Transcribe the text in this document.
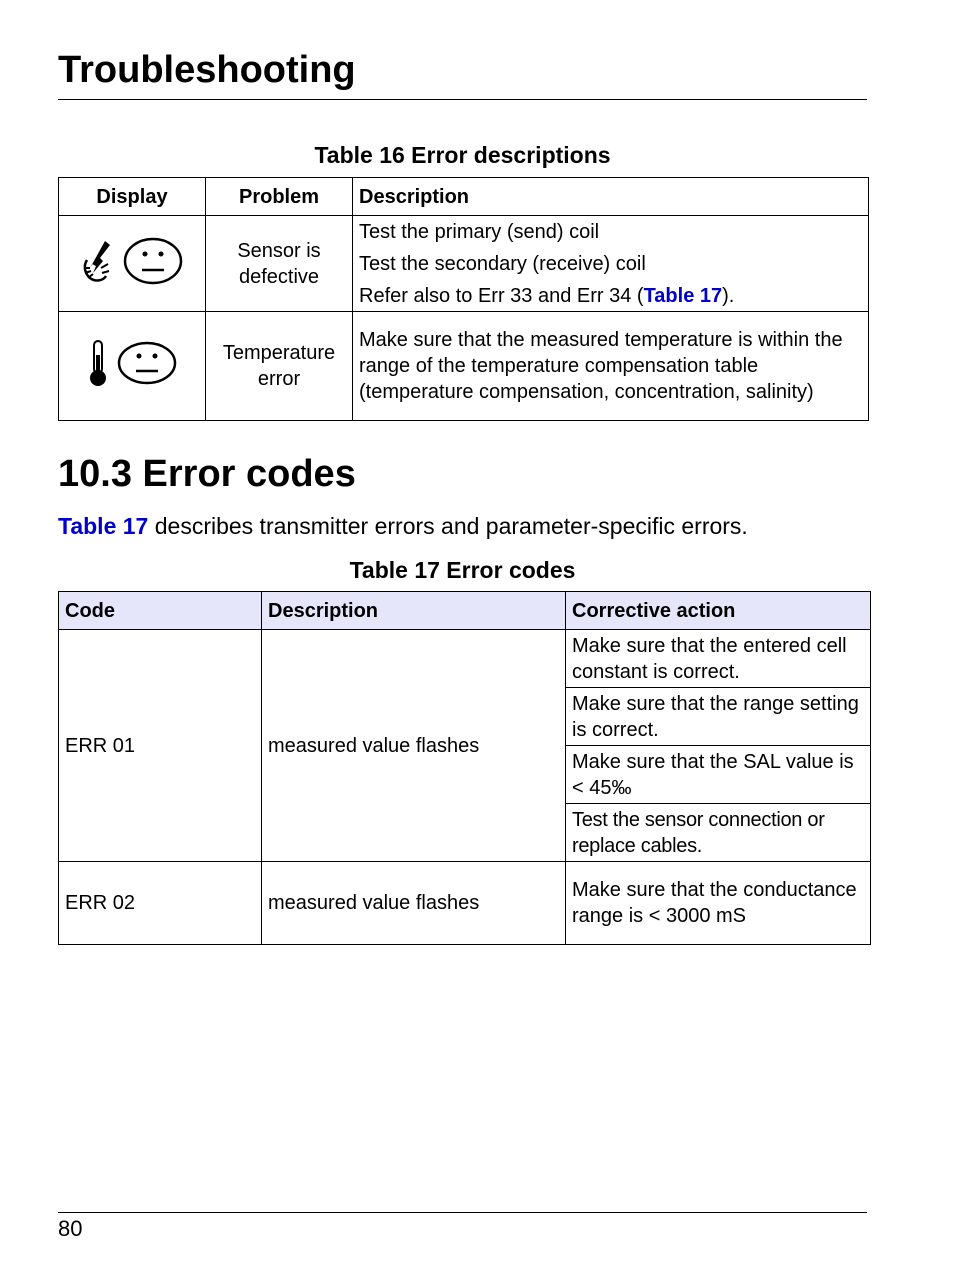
Troubleshooting
Table 16 Error descriptions
Display	Problem	Description

	Sensor is defective	Test the primary (send) coil
Test the secondary (receive) coil
Refer also to Err 33 and Err 34 (Table 17).

	Temperature error	Make sure that the measured temperature is within the range of the temperature compensation table (temperature compensation, concentration, salinity)
10.3 Error codes
Table 17 describes transmitter errors and parameter-specific errors.
Table 17 Error codes
Code	Description	Corrective action
ERR 01	measured value flashes	Make sure that the entered cell constant is correct.
		Make sure that the range setting is correct.
		Make sure that the SAL value is < 45‰
		Test the sensor connection or replace cables.
ERR 02	measured value flashes	Make sure that the conductance range is < 3000 mS
80
